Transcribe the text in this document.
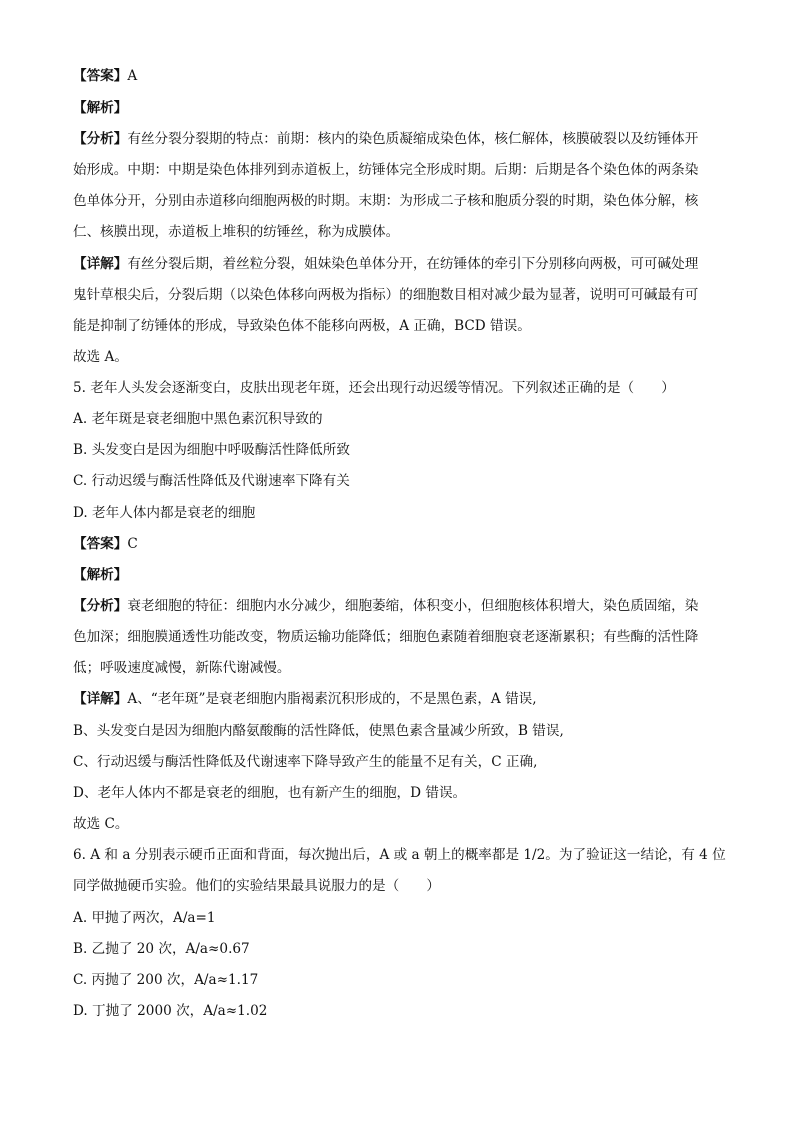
【答案】A
【解析】
【分析】有丝分裂分裂期的特点：前期：核内的染色质凝缩成染色体，核仁解体，核膜破裂以及纺锤体开
始形成。中期：中期是染色体排列到赤道板上，纺锤体完全形成时期。后期：后期是各个染色体的两条染
色单体分开，分别由赤道移向细胞两极的时期。末期：为形成二子核和胞质分裂的时期，染色体分解，核
仁、核膜出现，赤道板上堆积的纺锤丝，称为成膜体。
【详解】有丝分裂后期，着丝粒分裂，姐妹染色单体分开，在纺锤体的牵引下分别移向两极，可可碱处理
鬼针草根尖后，分裂后期（以染色体移向两极为指标）的细胞数目相对减少最为显著，说明可可碱最有可
能是抑制了纺锤体的形成，导致染色体不能移向两极，A 正确，BCD 错误。
故选 A。
5. 老年人头发会逐渐变白，皮肤出现老年斑，还会出现行动迟缓等情况。下列叙述正确的是（　　）
A. 老年斑是衰老细胞中黑色素沉积导致的
B. 头发变白是因为细胞中呼吸酶活性降低所致
C. 行动迟缓与酶活性降低及代谢速率下降有关
D. 老年人体内都是衰老的细胞
【答案】C
【解析】
【分析】衰老细胞的特征：细胞内水分减少，细胞萎缩，体积变小，但细胞核体积增大，染色质固缩，染
色加深；细胞膜通透性功能改变，物质运输功能降低；细胞色素随着细胞衰老逐渐累积；有些酶的活性降
低；呼吸速度减慢，新陈代谢减慢。
【详解】A、“老年斑”是衰老细胞内脂褐素沉积形成的，不是黑色素，A 错误,
B、头发变白是因为细胞内酪氨酸酶的活性降低，使黑色素含量减少所致，B 错误,
C、行动迟缓与酶活性降低及代谢速率下降导致产生的能量不足有关，C 正确,
D、老年人体内不都是衰老的细胞，也有新产生的细胞，D 错误。
故选 C。
6. A 和 a 分别表示硬币正面和背面，每次抛出后，A 或 a 朝上的概率都是 1/2。为了验证这一结论，有 4 位
同学做抛硬币实验。他们的实验结果最具说服力的是（　　）
A. 甲抛了两次，A/a=1
B. 乙抛了 20 次，A/a≈0.67
C. 丙抛了 200 次，A/a≈1.17
D. 丁抛了 2000 次，A/a≈1.02
